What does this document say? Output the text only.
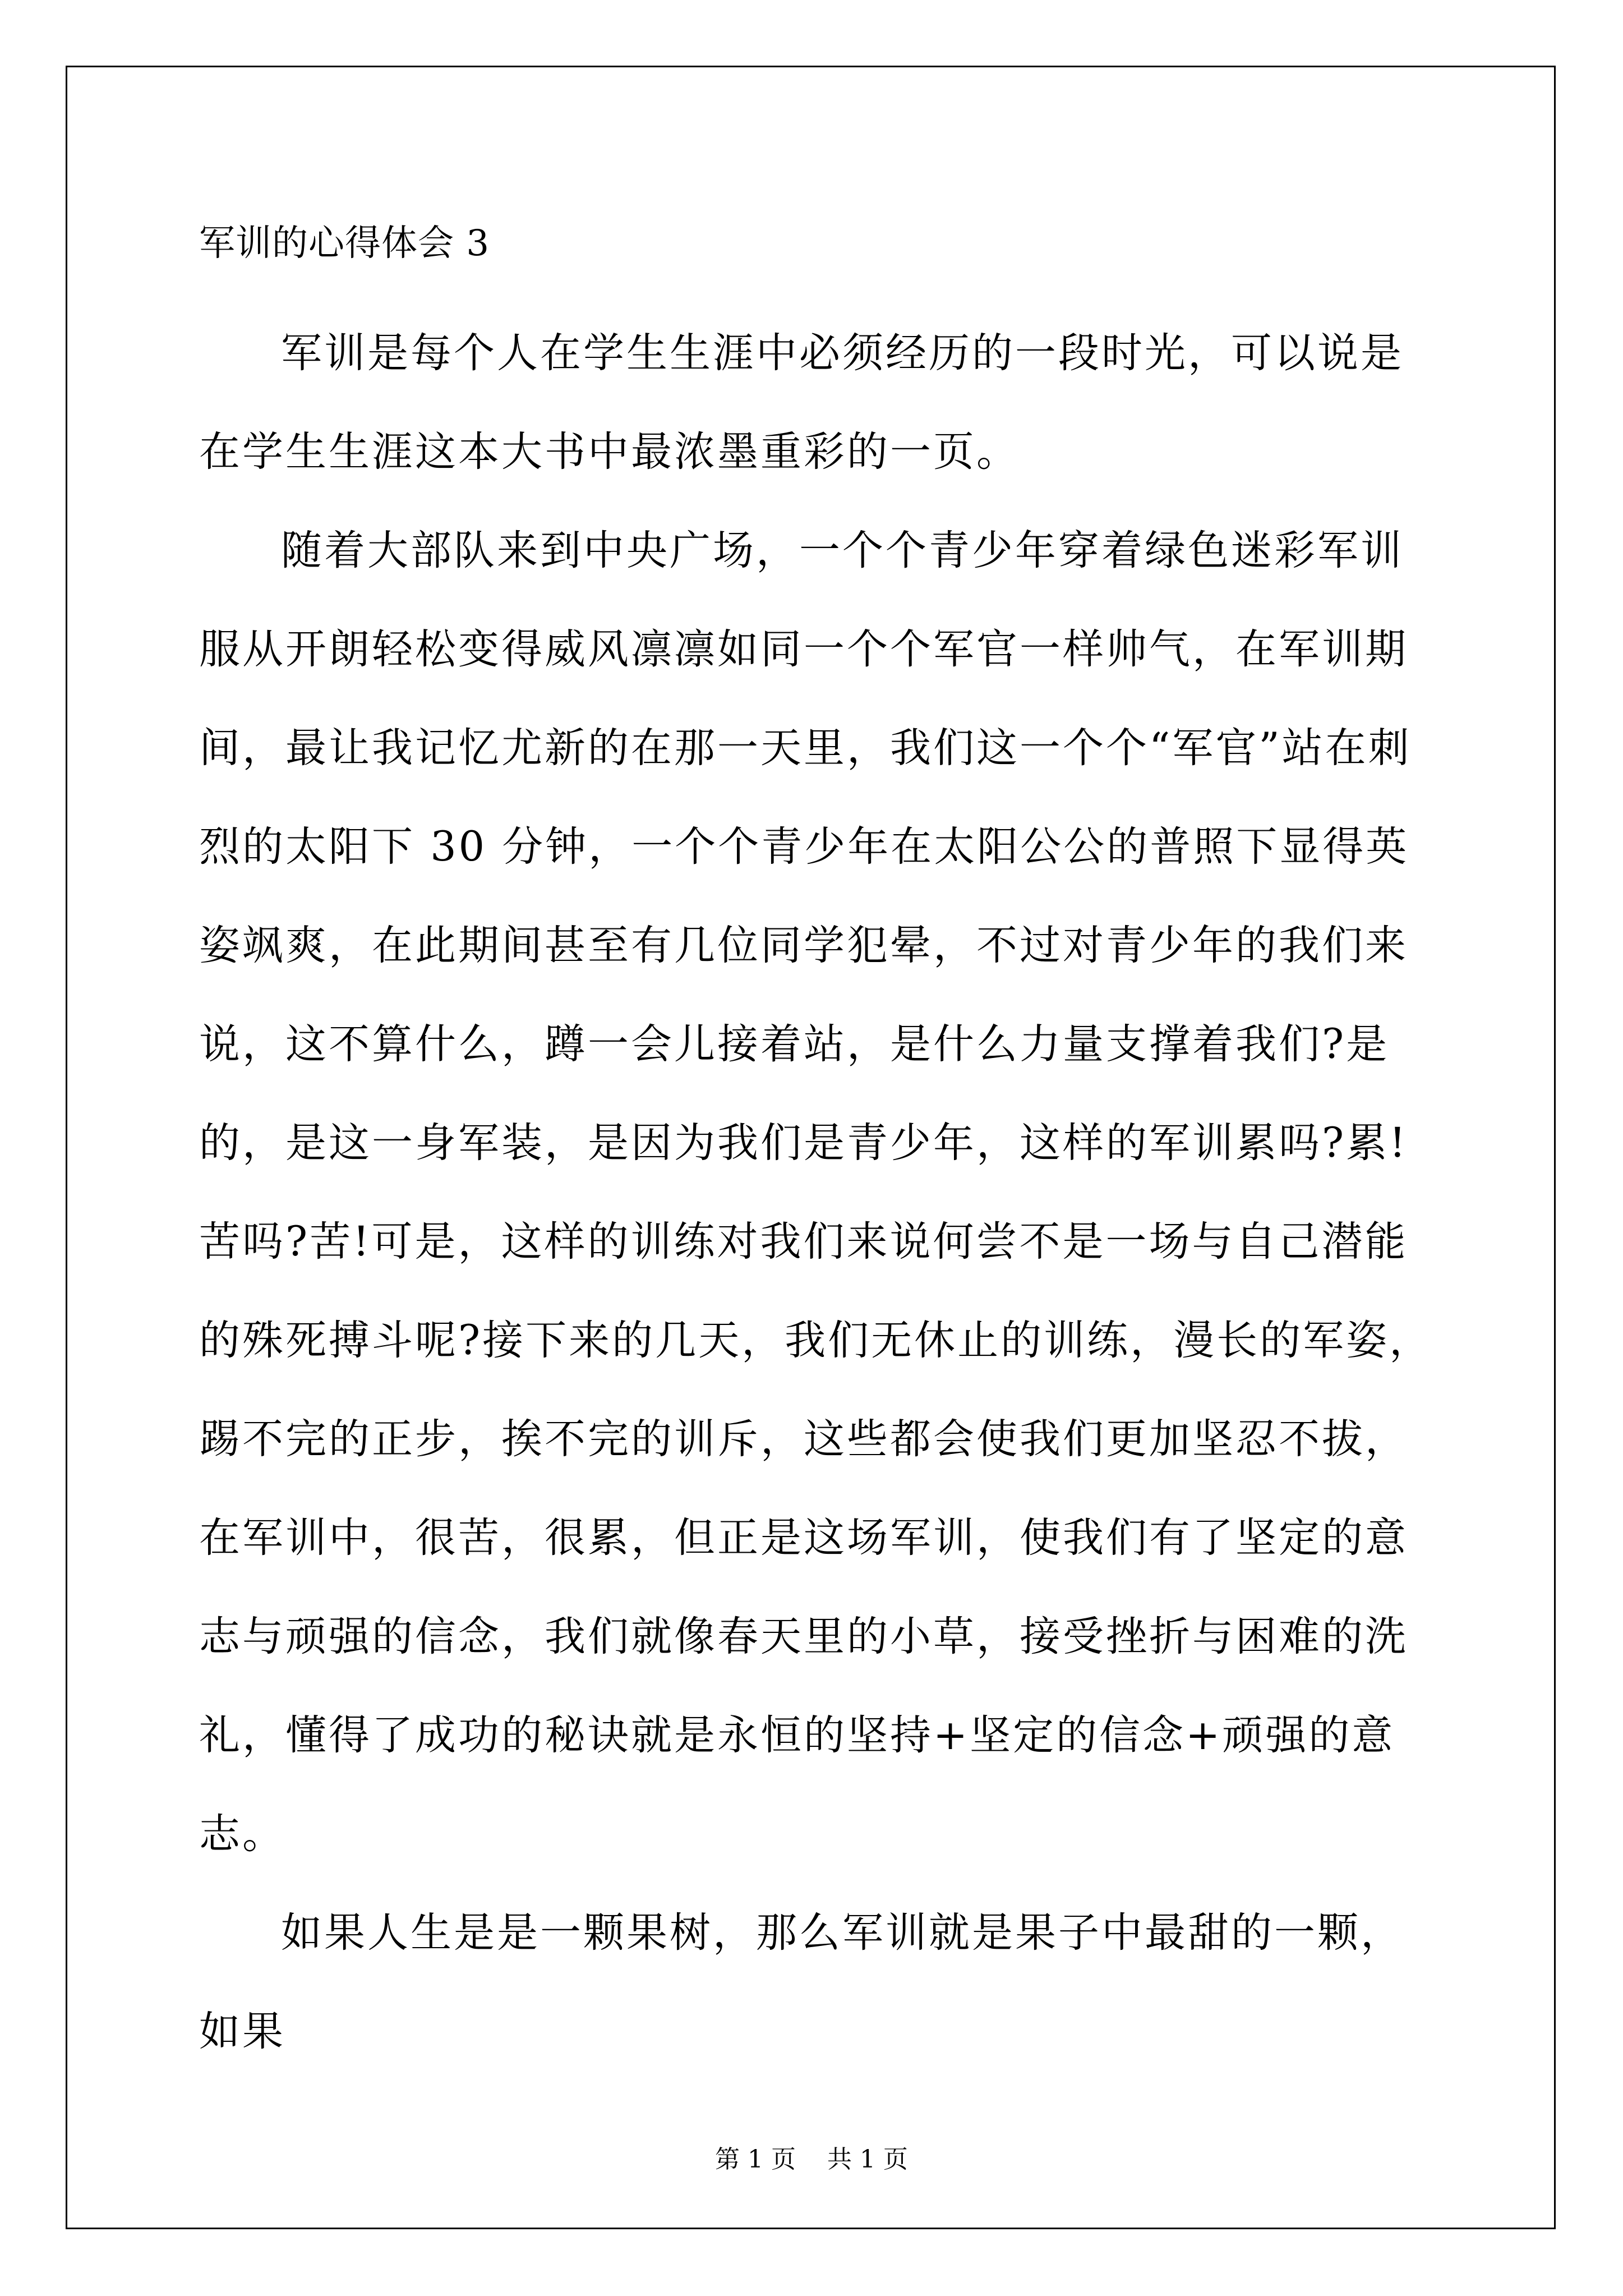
军训的心得体会 3

军训是每个人在学生生涯中必须经历的一段时光，可以说是在学生生涯这本大书中最浓墨重彩的一页。

随着大部队来到中央广场，一个个青少年穿着绿色迷彩军训服从开朗轻松变得威风凛凛如同一个个军官一样帅气，在军训期间，最让我记忆尤新的在那一天里，我们这一个个“军官”站在刺烈的太阳下 30 分钟，一个个青少年在太阳公公的普照下显得英姿飒爽，在此期间甚至有几位同学犯晕，不过对青少年的我们来说，这不算什么，蹲一会儿接着站，是什么力量支撑着我们?是的，是这一身军装，是因为我们是青少年，这样的军训累吗?累!苦吗?苦!可是，这样的训练对我们来说何尝不是一场与自己潜能的殊死搏斗呢?接下来的几天，我们无休止的训练，漫长的军姿，踢不完的正步，挨不完的训斥，这些都会使我们更加坚忍不拔，在军训中，很苦，很累，但正是这场军训，使我们有了坚定的意志与顽强的信念，我们就像春天里的小草，接受挫折与困难的洗礼，懂得了成功的秘诀就是永恒的坚持+坚定的信念+顽强的意志。

如果人生是是一颗果树，那么军训就是果子中最甜的一颗，如果

第 1 页    共 1 页
